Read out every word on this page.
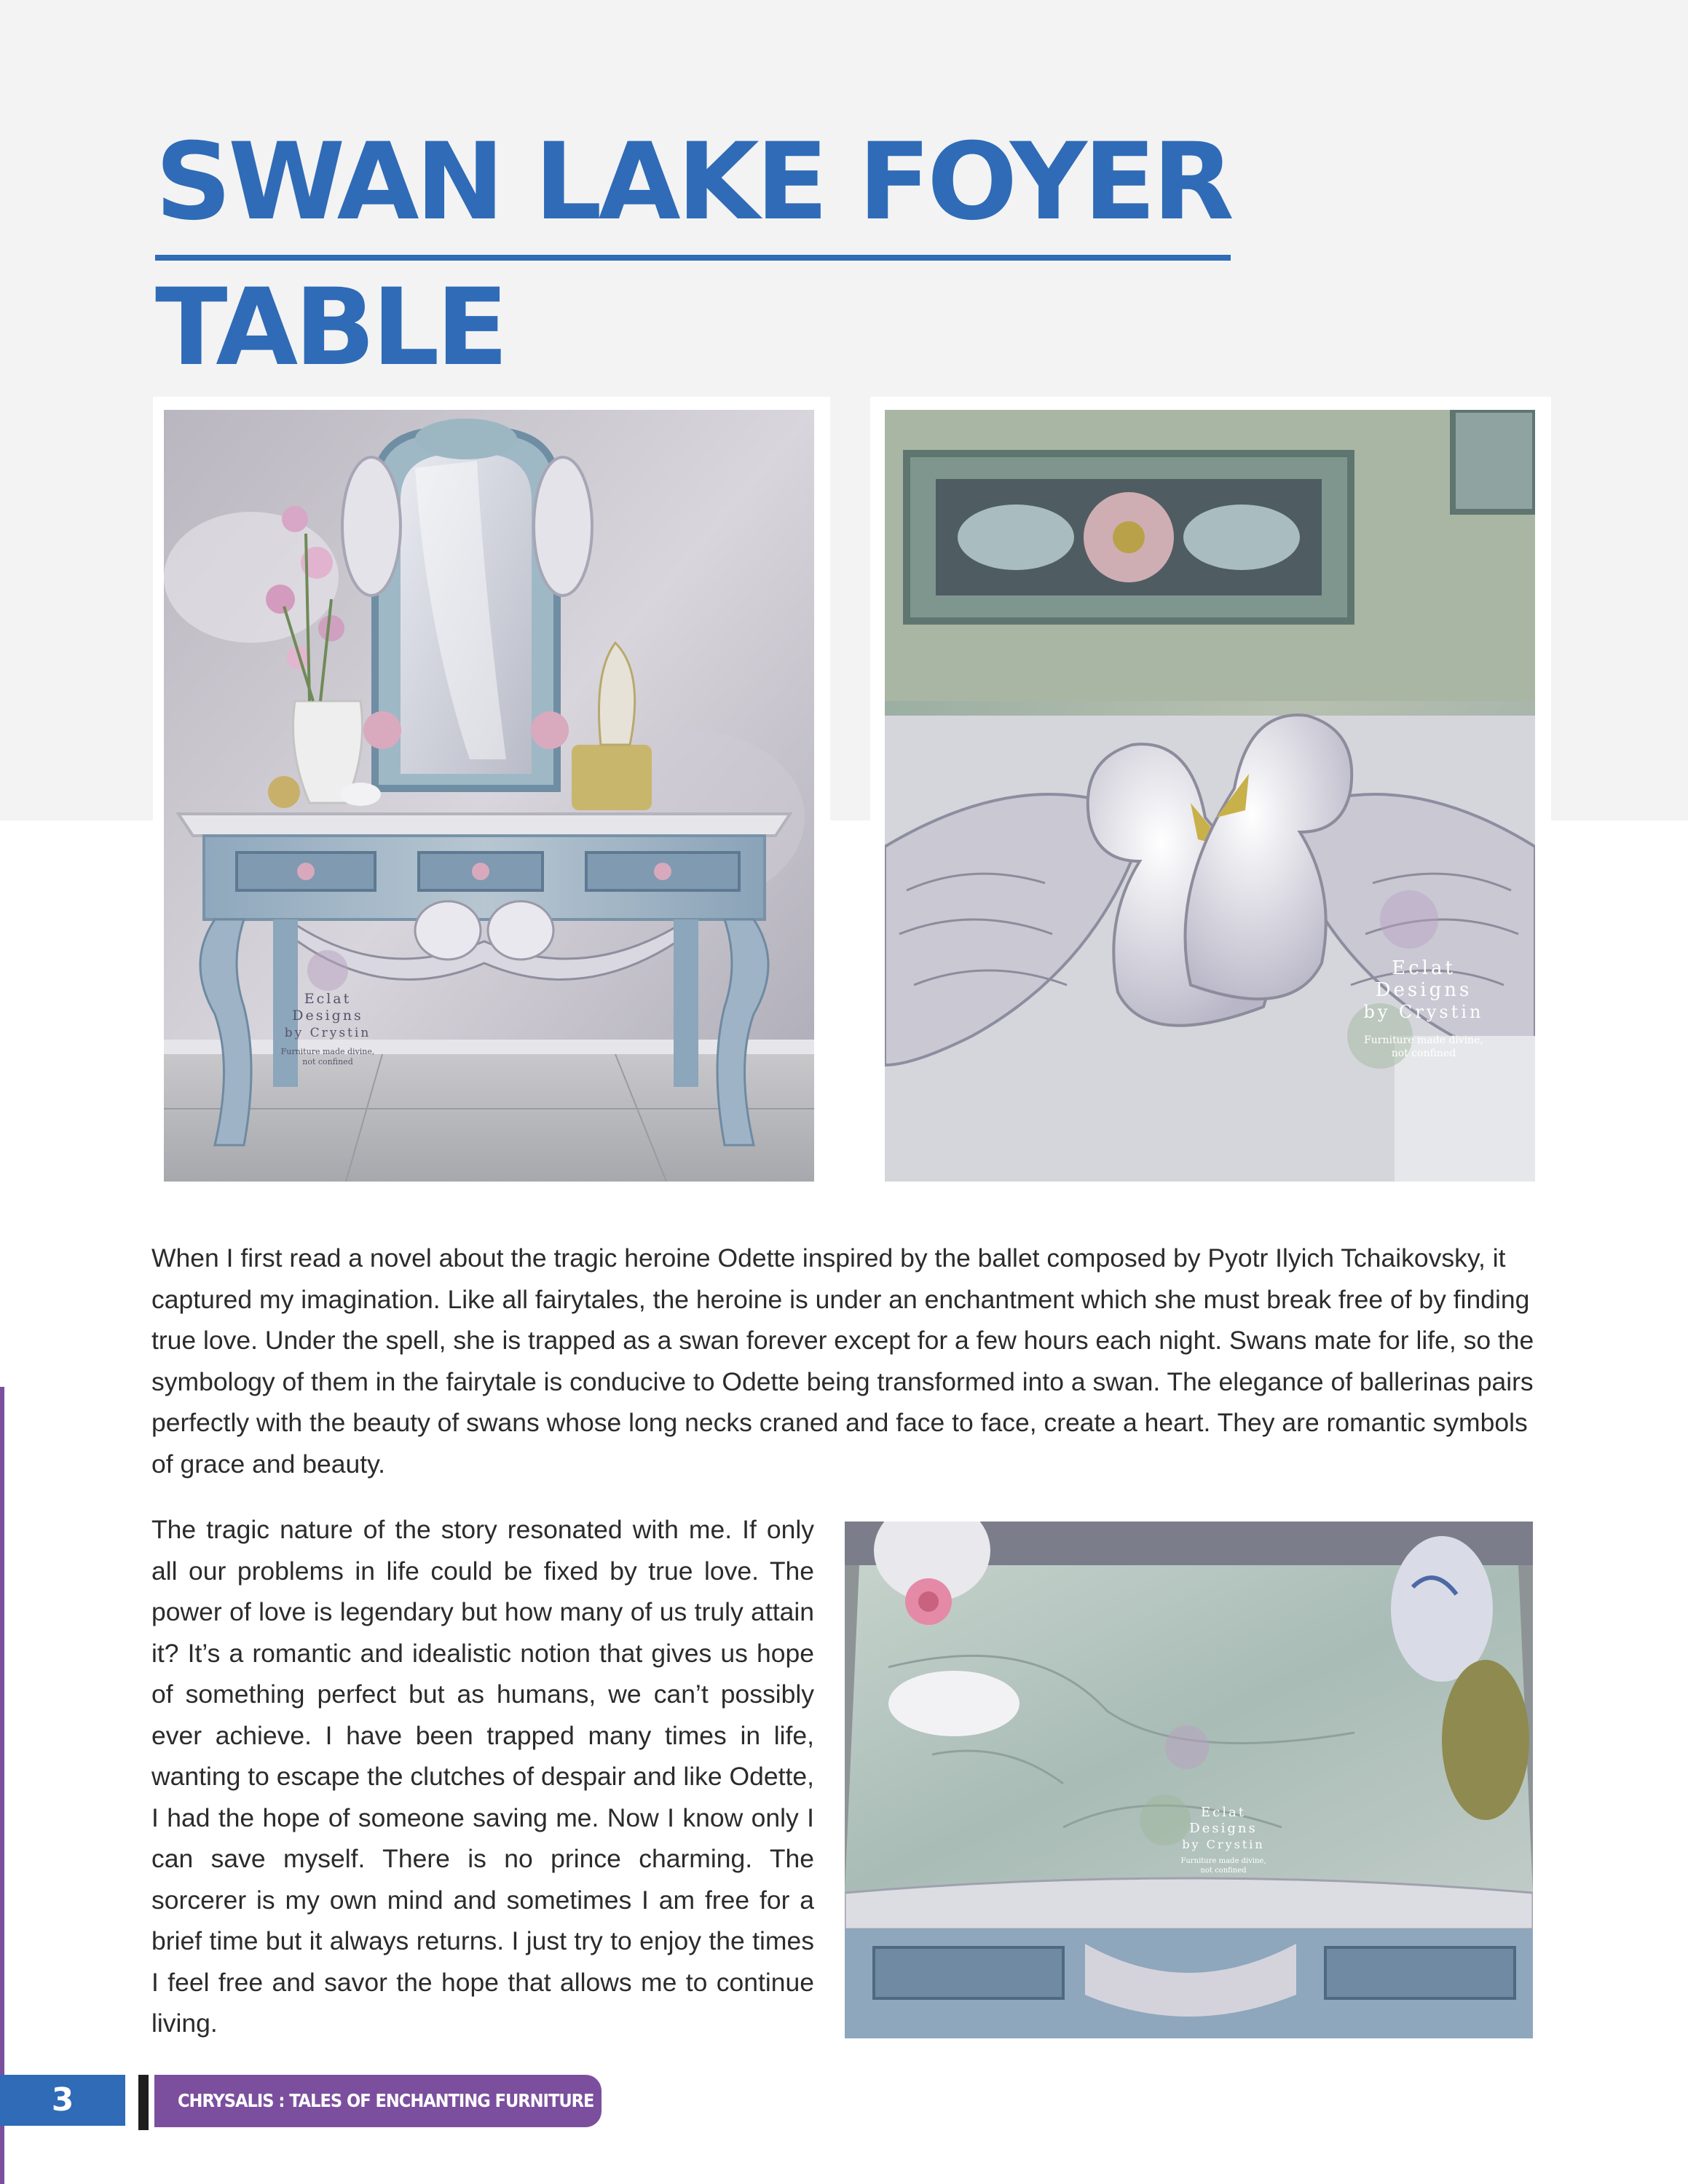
SWAN LAKE FOYER
TABLE
Eclat
Designs
by Crystin
Furniture made divine,
not confined
Eclat
Designs
by Crystin
Furniture made divine,
not confined

When I first read a novel about the tragic heroine Odette inspired by the ballet composed by Pyotr Ilyich Tchaikovsky, it captured my imagination. Like all fairytales, the heroine is under an enchantment which she must break free of by finding true love. Under the spell, she is trapped as a swan forever except for a few hours each night. Swans mate for life, so the symbology of them in the fairytale is conducive to Odette being transformed into a swan. The elegance of ballerinas pairs perfectly with the beauty of swans whose long necks craned and face to face, create a heart. They are romantic symbols of grace and beauty.

The tragic nature of the story resonated with me. If only all our problems in life could be fixed by true love. The power of love is legendary but how many of us truly attain it? It’s a romantic and idealistic notion that gives us hope of something perfect but as humans, we can’t possibly ever achieve. I have been trapped many times in life, wanting to escape the clutches of despair and like Odette, I had the hope of someone saving me. Now I know only I can save myself. There is no prince charming. The sorcerer is my own mind and sometimes I am free for a brief time but it always returns. I just try to enjoy the times I feel free and savor the hope that allows me to continue living.

Eclat
Designs
by Crystin
Furniture made divine,
not confined
3	CHRYSALIS : TALES OF ENCHANTING FURNITURE
